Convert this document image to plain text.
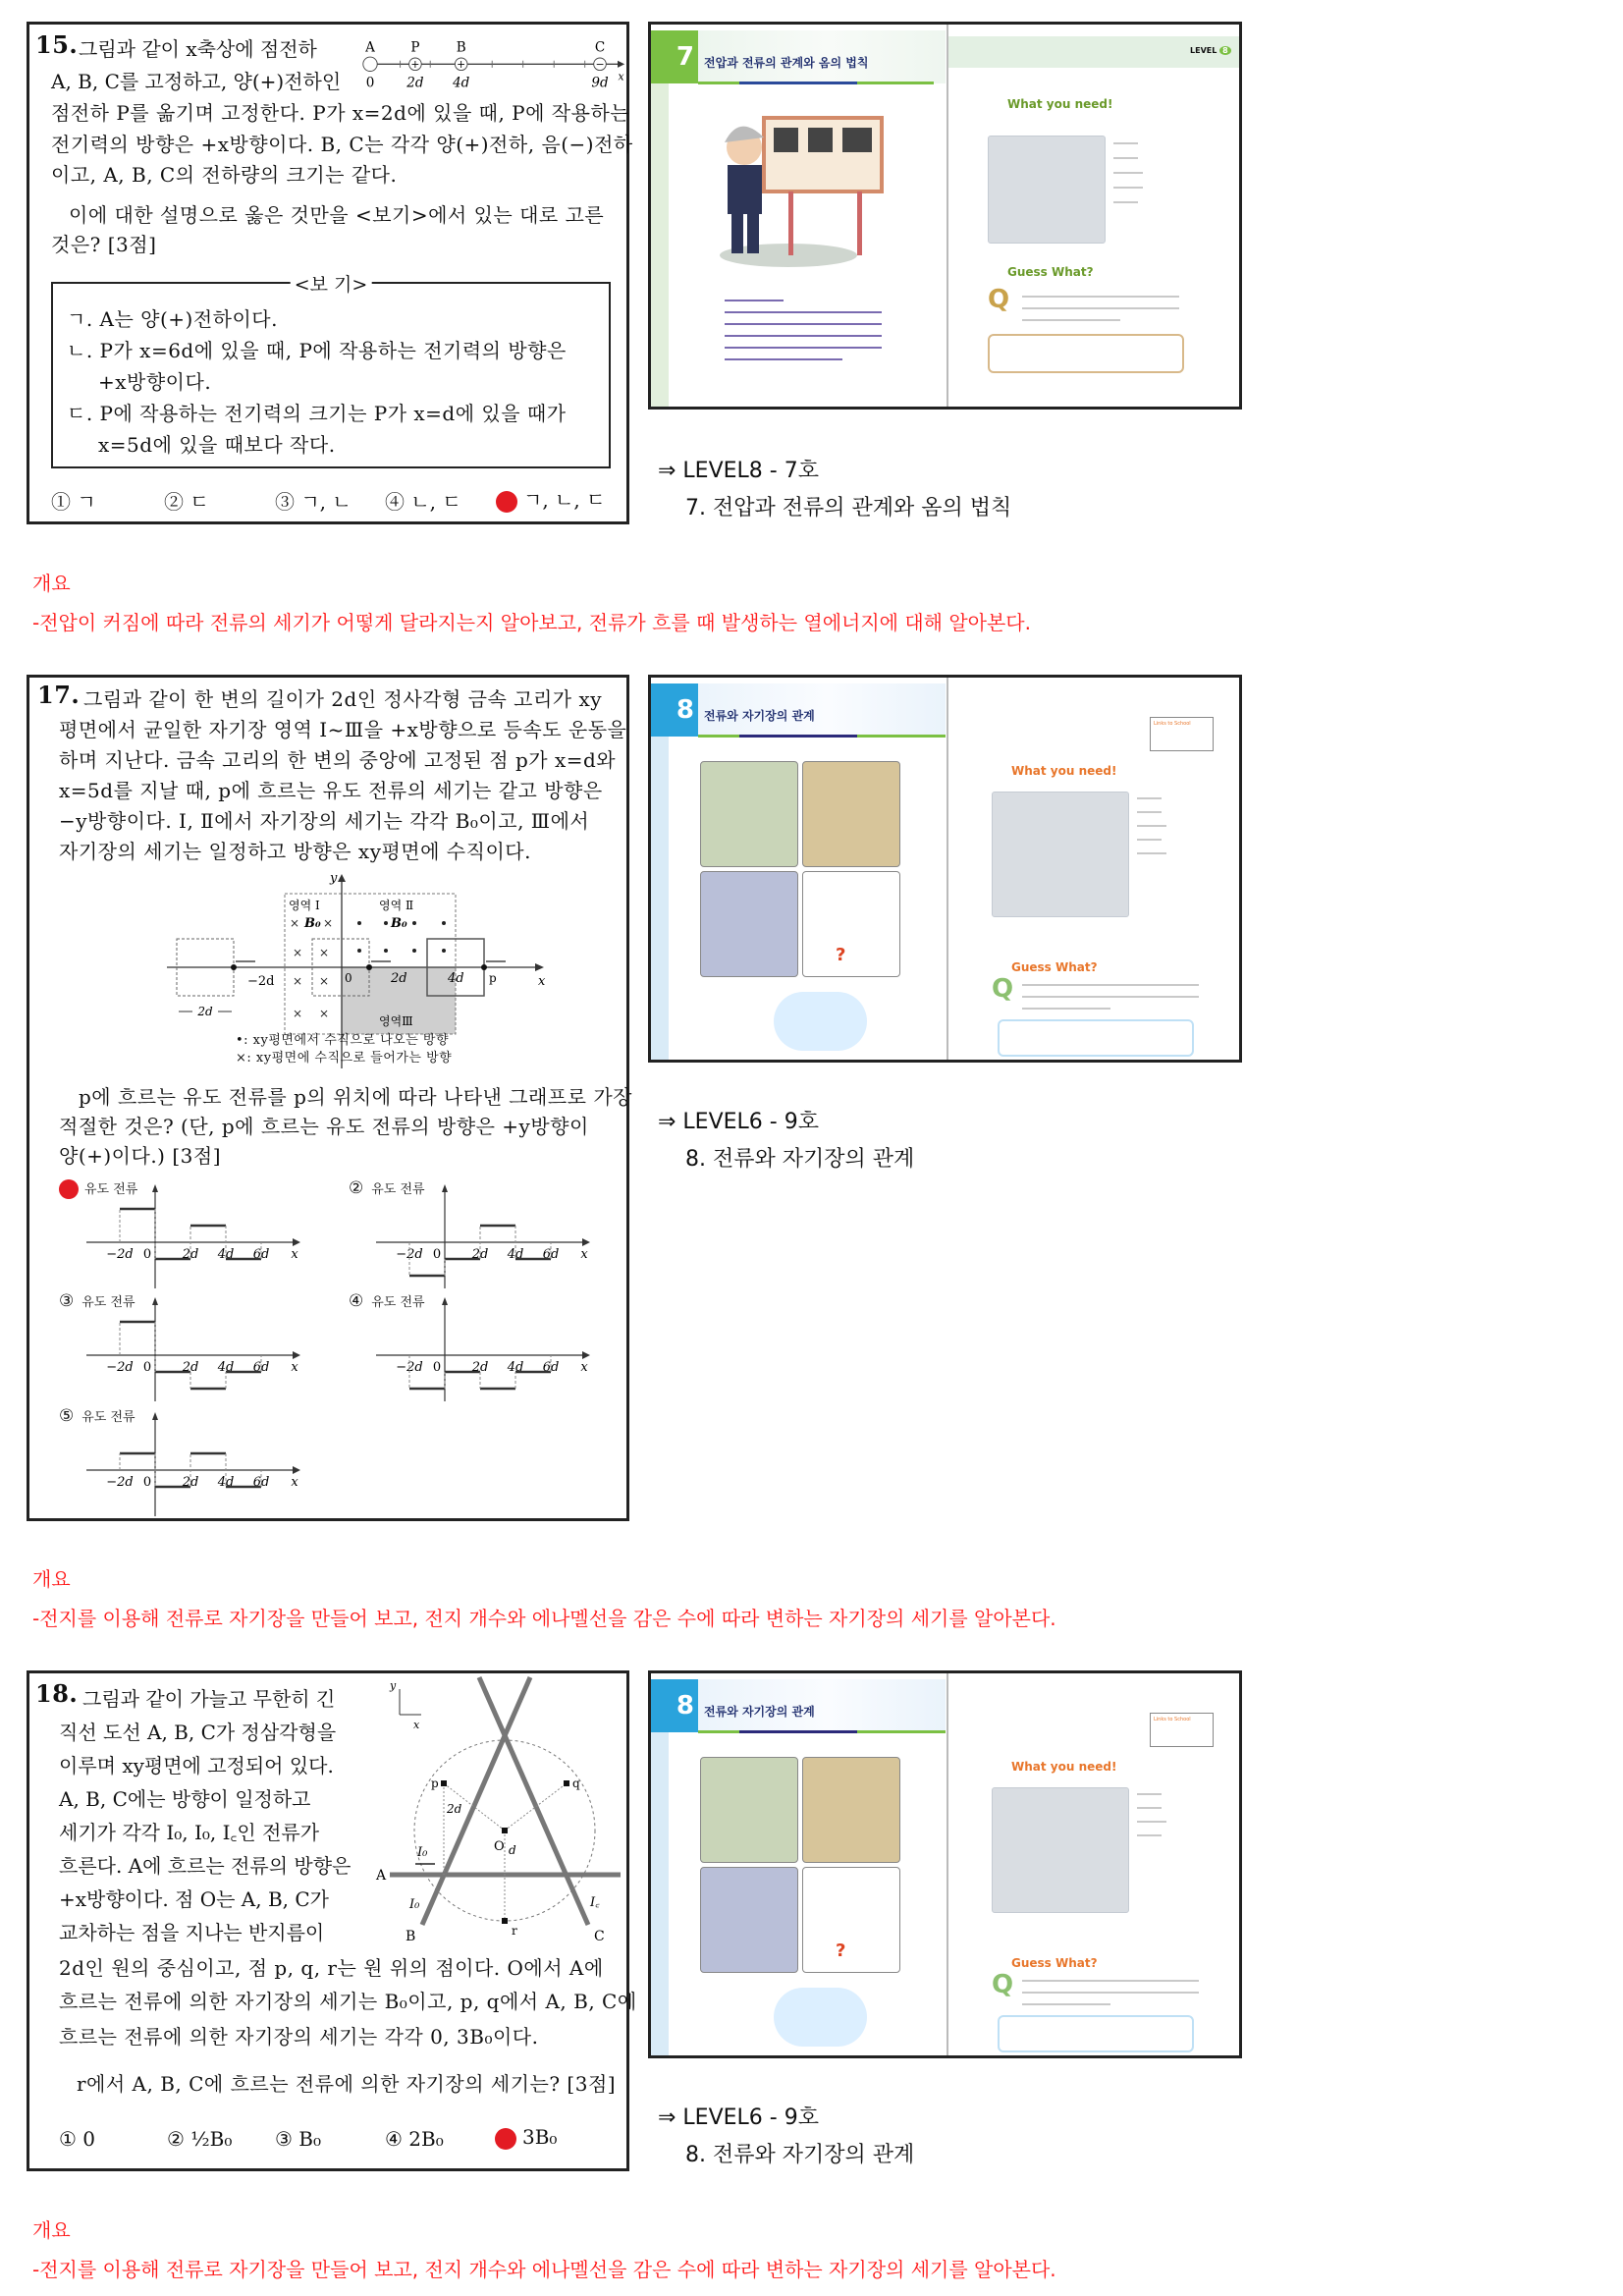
15. 그림과 같이 x축상에 점전하
A, B, C를 고정하고, 양(+)전하인
점전하 P를 옮기며 고정한다. P가 x=2d에 있을 때, P에 작용하는
전기력의 방향은 +x방향이다. B, C는 각각 양(+)전하, 음(−)전하
이고, A, B, C의 전하량의 크기는 같다.
이에 대한 설명으로 옳은 것만을 <보기>에서 있는 대로 고른
것은? [3점]
+	+	−
A P B	C
0 2d 4d	9d x
<보 기>
ㄱ. A는 양(+)전하이다.
ㄴ. P가 x=6d에 있을 때, P에 작용하는 전기력의 방향은
+x방향이다.
ㄷ. P에 작용하는 전기력의 크기는 P가 x=d에 있을 때가
x=5d에 있을 때보다 작다.
① ㄱ	② ㄷ	③ ㄱ, ㄴ ④ ㄴ, ㄷ	ㄱ, ㄴ, ㄷ
7 전압과 전류의 관계와 옴의 법칙
LEVEL 8
What you need!
Guess What?
Q
⇒ LEVEL8 - 7호
7. 전압과 전류의 관계와 옴의 법칙
개요
-전압이 커짐에 따라 전류의 세기가 어떻게 달라지는지 알아보고, 전류가 흐를 때 발생하는 열에너지에 대해 알아본다.
17. 그림과 같이 한 변의 길이가 2d인 정사각형 금속 고리가 xy
평면에서 균일한 자기장 영역 Ⅰ~Ⅲ을 +x방향으로 등속도 운동을
하며 지난다. 금속 고리의 한 변의 중앙에 고정된 점 p가 x=d와
x=5d를 지날 때, p에 흐르는 유도 전류의 세기는 같고 방향은
−y방향이다. Ⅰ, Ⅱ에서 자기장의 세기는 각각 B₀이고, Ⅲ에서
자기장의 세기는 일정하고 방향은 xy평면에 수직이다.
y
x
영역 Ⅰ	영역 Ⅱ
영역Ⅲ
B₀	B₀
× ×
× ×
× ×
× ×
−2d	0	2d	4d p
2d
•: xy평면에서 수직으로 나오는 방향
×: xy평면에 수직으로 들어가는 방향
p에 흐르는 유도 전류를 p의 위치에 따라 나타낸 그래프로 가장
적절한 것은? (단, p에 흐르는 유도 전류의 방향은 +y방향이
양(+)이다.) [3점]
유도 전류
−2d 0 2d 4d 6d x
② 유도 전류
−2d 0 2d 4d 6d x
③ 유도 전류
−2d 0 2d 4d 6d x
④ 유도 전류
−2d 0 2d 4d 6d x
⑤ 유도 전류
−2d 0 2d 4d 6d x
8 전류와 자기장의 관계
?
Links to School
What you need!
Guess What?
Q
⇒ LEVEL6 - 9호
8. 전류와 자기장의 관계
개요
-전지를 이용해 전류로 자기장을 만들어 보고, 전지 개수와 에나멜선을 감은 수에 따라 변하는 자기장의 세기를 알아본다.
18. 그림과 같이 가늘고 무한히 긴
직선 도선 A, B, C가 정삼각형을
이루며 xy평면에 고정되어 있다.
A, B, C에는 방향이 일정하고
세기가 각각 I₀, I₀, I꜀인 전류가
흐른다. A에 흐르는 전류의 방향은
+x방향이다. 점 O는 A, B, C가
교차하는 점을 지나는 반지름이
2d인 원의 중심이고, 점 p, q, r는 원 위의 점이다. O에서 A에
흐르는 전류에 의한 자기장의 세기는 B₀이고, p, q에서 A, B, C에
흐르는 전류에 의한 자기장의 세기는 각각 0, 3B₀이다.
r에서 A, B, C에 흐르는 전류에 의한 자기장의 세기는? [3점]
y
x
I₀
A
I₀
B
I꜀
C
O d
2d
p	q
r
① 0	② ½B₀ ③ B₀	④ 2B₀	3B₀
8 전류와 자기장의 관계
?
Links to School
What you need!
Guess What?
Q
⇒ LEVEL6 - 9호
8. 전류와 자기장의 관계
개요
-전지를 이용해 전류로 자기장을 만들어 보고, 전지 개수와 에나멜선을 감은 수에 따라 변하는 자기장의 세기를 알아본다.
